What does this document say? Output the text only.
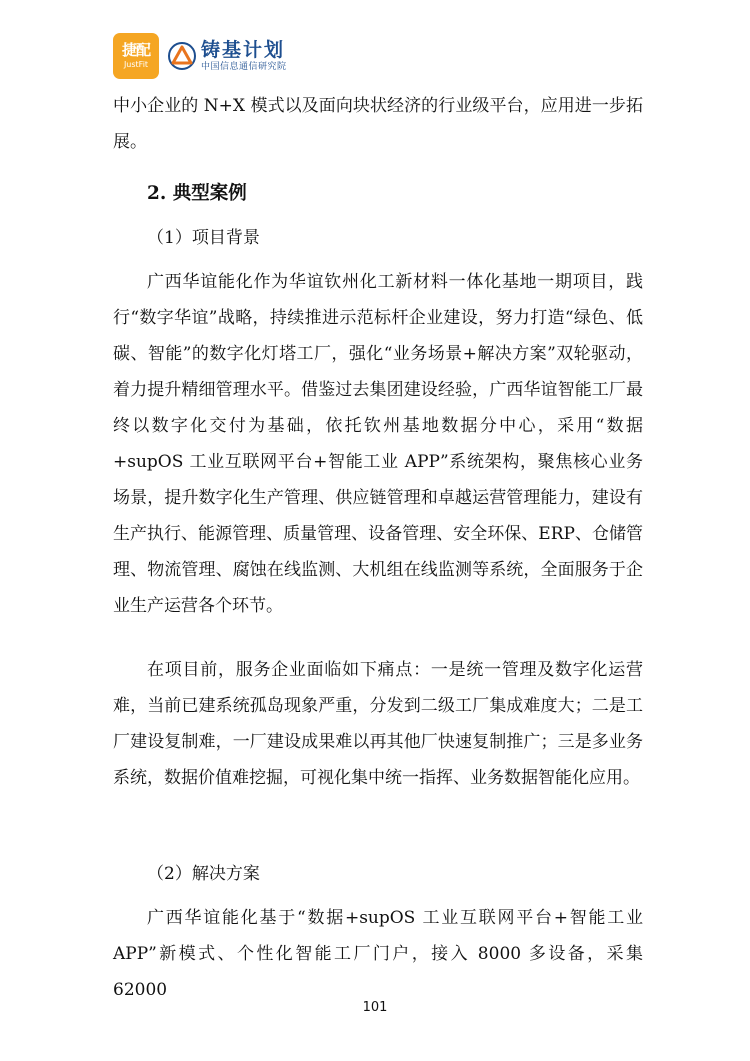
捷配
JustFit
铸基计划
中国信息通信研究院

中小企业的 N+X 模式以及面向块状经济的行业级平台，应用进一步拓展。

2. 典型案例
（1）项目背景

广西华谊能化作为华谊钦州化工新材料一体化基地一期项目，践行“数字华谊”战略，持续推进示范标杆企业建设，努力打造“绿色、低碳、智能”的数字化灯塔工厂，强化“业务场景+解决方案”双轮驱动，着力提升精细管理水平。借鉴过去集团建设经验，广西华谊智能工厂最终以数字化交付为基础，依托钦州基地数据分中心，采用“数据+supOS 工业互联网平台+智能工业 APP”系统架构，聚焦核心业务场景，提升数字化生产管理、供应链管理和卓越运营管理能力，建设有生产执行、能源管理、质量管理、设备管理、安全环保、ERP、仓储管理、物流管理、腐蚀在线监测、大机组在线监测等系统，全面服务于企业生产运营各个环节。

在项目前，服务企业面临如下痛点：一是统一管理及数字化运营难，当前已建系统孤岛现象严重，分发到二级工厂集成难度大；二是工厂建设复制难，一厂建设成果难以再其他厂快速复制推广；三是多业务系统，数据价值难挖掘，可视化集中统一指挥、业务数据智能化应用。

（2）解决方案

广西华谊能化基于“数据+supOS 工业互联网平台+智能工业 APP”新模式、个性化智能工厂门户，接入 8000 多设备，采集 62000

101
